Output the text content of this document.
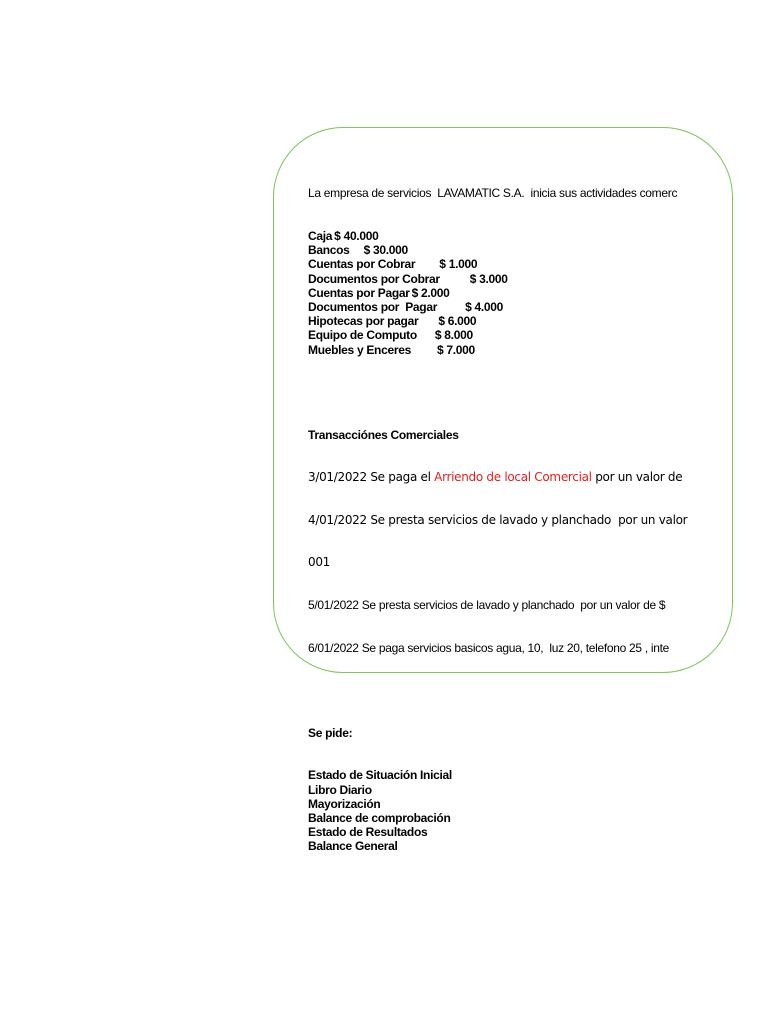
La empresa de servicios  LAVAMATIC S.A.  inicia sus actividades comerc

Caja $ 40.000
Bancos $ 30.000
Cuentas por Cobrar $ 1.000
Documentos por Cobrar	$ 3.000
Cuentas por Pagar $ 2.000
Documentos por  Pagar $ 4.000
Hipotecas por pagar $ 6.000
Equipo de Computo $ 8.000
Muebles y Enceres $ 7.000

Transacciónes Comerciales

3/01/2022 Se paga el Arriendo de local Comercial por un valor de

4/01/2022 Se presta servicios de lavado y planchado  por un valor

001

5/01/2022 Se presta servicios de lavado y planchado  por un valor de $

6/01/2022 Se paga servicios basicos agua, 10,  luz 20, telefono 25 , inte

Se pide:

Estado de Situación Inicial
Libro Diario
Mayorización
Balance de comprobación
Estado de Resultados
Balance General
